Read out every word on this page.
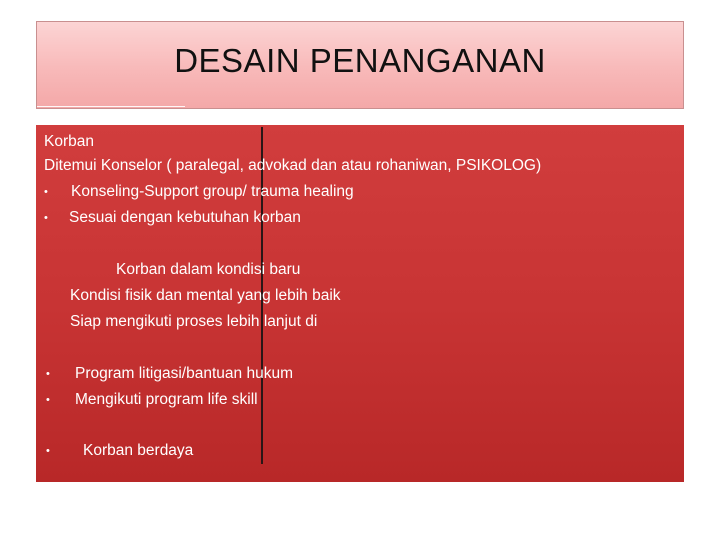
DESAIN PENANGANAN
Korban
Ditemui Konselor ( paralegal, advokad dan atau rohaniwan, PSIKOLOG)
• Konseling-Support group/ trauma healing
• Sesuai dengan kebutuhan korban
Korban dalam kondisi baru
Kondisi fisik dan mental yang lebih baik
Siap mengikuti proses lebih lanjut di
• Program litigasi/bantuan hukum
• Mengikuti program life skill
• Korban berdaya
